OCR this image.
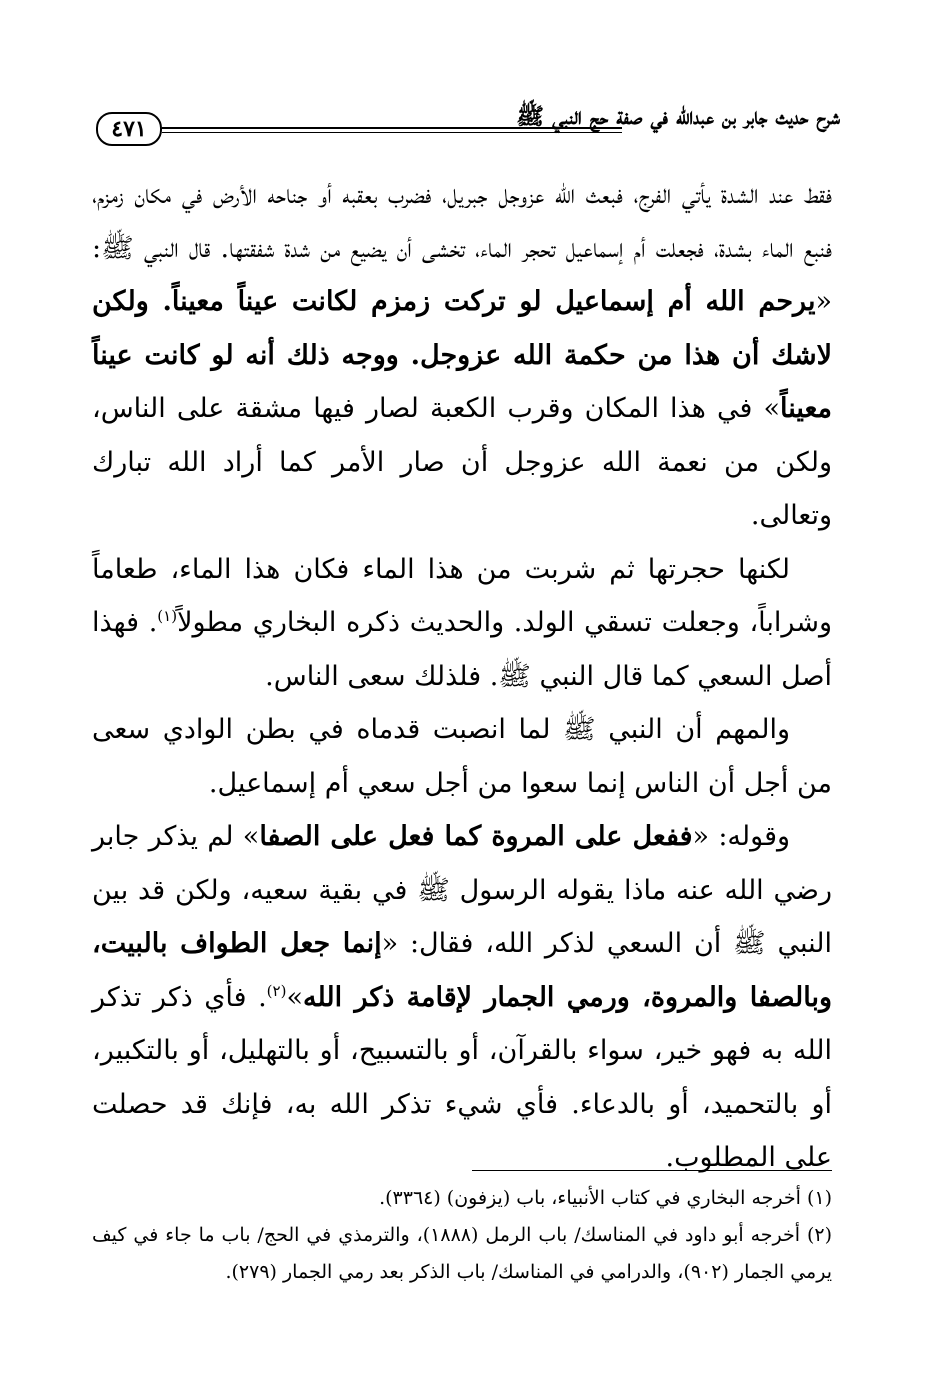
٤٧١	شرح حديث جابر بن عبدالله في صفة حج النبي ﷺ

فقط عند الشدة يأتي الفرج، فبعث الله عزوجل جبريل، فضرب بعقبه أو جناحه الأرض في مكان زمزم، فنبع الماء بشدة، فجعلت أم إسماعيل تحجر الماء، تخشى أن يضيع من شدة شفقتها. قال النبي ﷺ: «يرحم الله أم إسماعيل لو تركت زمزم لكانت عيناً معيناً. ولكن لاشك أن هذا من حكمة الله عزوجل. ووجه ذلك أنه لو كانت عيناً معيناً» في هذا المكان وقرب الكعبة لصار فيها مشقة على الناس، ولكن من نعمة الله عزوجل أن صار الأمر كما أراد الله تبارك وتعالى.

لكنها حجرتها ثم شربت من هذا الماء فكان هذا الماء، طعاماً وشراباً، وجعلت تسقي الولد. والحديث ذكره البخاري مطولاً$^{(١)}$. فهذا أصل السعي كما قال النبي ﷺ. فلذلك سعى الناس.

والمهم أن النبي ﷺ لما انصبت قدماه في بطن الوادي سعى من أجل أن الناس إنما سعوا من أجل سعي أم إسماعيل.

وقوله: «ففعل على المروة كما فعل على الصفا» لم يذكر جابر رضي الله عنه ماذا يقوله الرسول ﷺ في بقية سعيه، ولكن قد بين النبي ﷺ أن السعي لذكر الله، فقال: «إنما جعل الطواف بالبيت، وبالصفا والمروة، ورمي الجمار لإقامة ذكر الله»$^{(٢)}$. فأي ذكر تذكر الله به فهو خير، سواء بالقرآن، أو بالتسبيح، أو بالتهليل، أو بالتكبير، أو بالتحميد، أو بالدعاء. فأي شيء تذكر الله به، فإنك قد حصلت على المطلوب.

(١) أخرجه البخاري في كتاب الأنبياء، باب (يزفون) (٣٣٦٤).

(٢) أخرجه أبو داود في المناسك/ باب الرمل (١٨٨٨)، والترمذي في الحج/ باب ما جاء في كيف يرمي الجمار (٩٠٢)، والدرامي في المناسك/ باب الذكر بعد رمي الجمار (٢٧٩).
